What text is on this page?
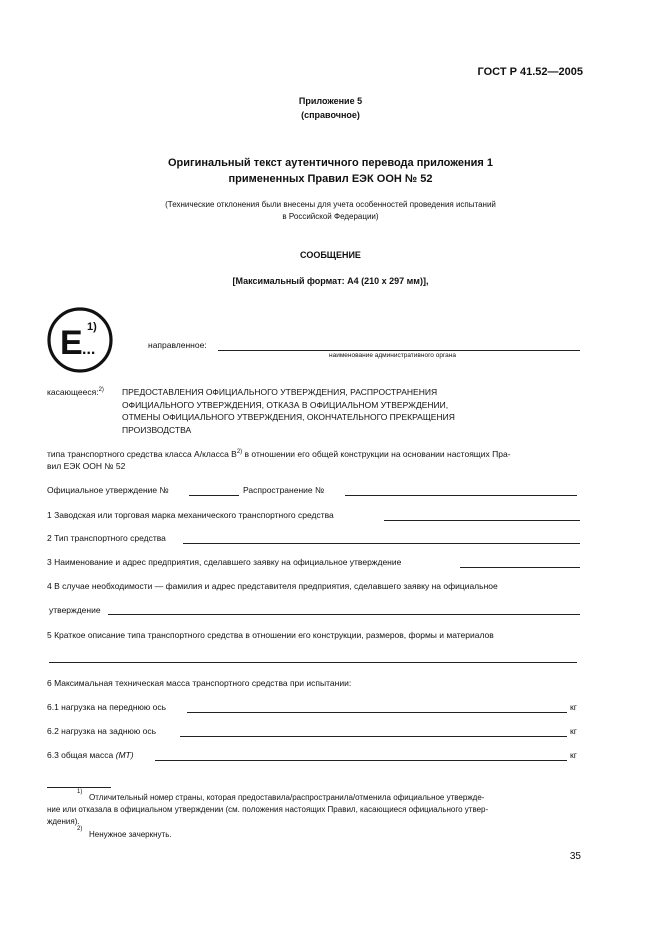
ГОСТ Р 41.52—2005
Приложение 5
(справочное)
Оригинальный текст аутентичного перевода приложения 1
примененных Правил ЕЭК ООН № 52
(Технические отклонения были внесены для учета особенностей проведения испытаний
в Российской Федерации)
СООБЩЕНИЕ
[Максимальный формат: А4 (210 х 297 мм)],
E 1)
...	направленное:
наименование административного органа
касающееся:$^{2)}$ ПРЕДОСТАВЛЕНИЯ ОФИЦИАЛЬНОГО УТВЕРЖДЕНИЯ, РАСПРОСТРАНЕНИЯ
ОФИЦИАЛЬНОГО УТВЕРЖДЕНИЯ, ОТКАЗА В ОФИЦИАЛЬНОМ УТВЕРЖДЕНИИ,
ОТМЕНЫ ОФИЦИАЛЬНОГО УТВЕРЖДЕНИЯ, ОКОНЧАТЕЛЬНОГО ПРЕКРАЩЕНИЯ
ПРОИЗВОДСТВА
типа транспортного средства класса А/класса $В^{2)}$ в отношении его общей конструкции на основании настоящих Пра-
вил ЕЭК ООН № 52
Официальное утверждение №	Распространение №
1 Заводская или торговая марка механического транспортного средства
2 Тип транспортного средства
3 Наименование и адрес предприятия, сделавшего заявку на официальное утверждение
4 В случае необходимости — фамилия и адрес представителя предприятия, сделавшего заявку на официальное
утверждение
5 Краткое описание типа транспортного средства в отношении его конструкции, размеров, формы и материалов
6 Максимальная техническая масса транспортного средства при испытании:
6.1 нагрузка на переднюю ось	кг
6.2 нагрузка на заднюю ось	кг
6.3 общая масса (МТ)	кг
1)
Отличительный номер страны, которая предоставила/распространила/отменила официальное утвержде-
ние или отказала в официальном утверждении (см. положения настоящих Правил, касающиеся официального утвер-
ждения).
2)
Ненужное зачеркнуть.
35
